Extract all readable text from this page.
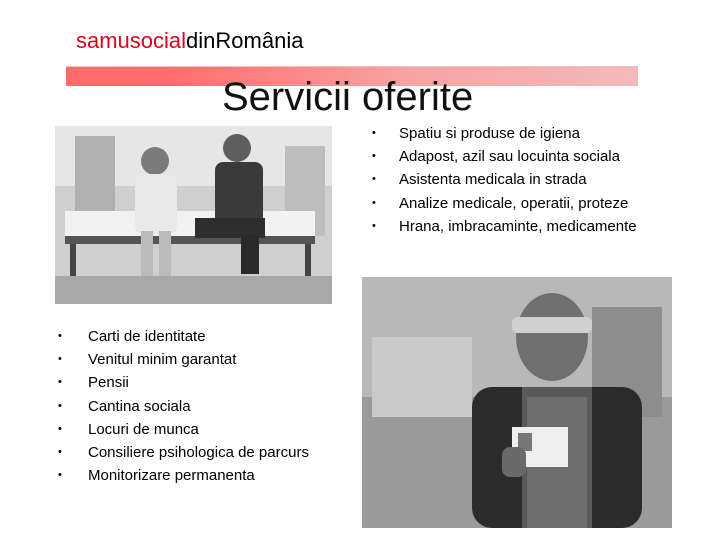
samusocialdinRomânia
Servicii oferite
• Spatiu si produse de igiena
• Adapost, azil sau locuinta sociala
• Asistenta medicala in strada
• Analize medicale, operatii, proteze
• Hrana, imbracaminte, medicamente
• Carti de identitate
• Venitul minim garantat
• Pensii
• Cantina sociala
• Locuri de munca
• Consiliere psihologica de parcurs
• Monitorizare permanenta
